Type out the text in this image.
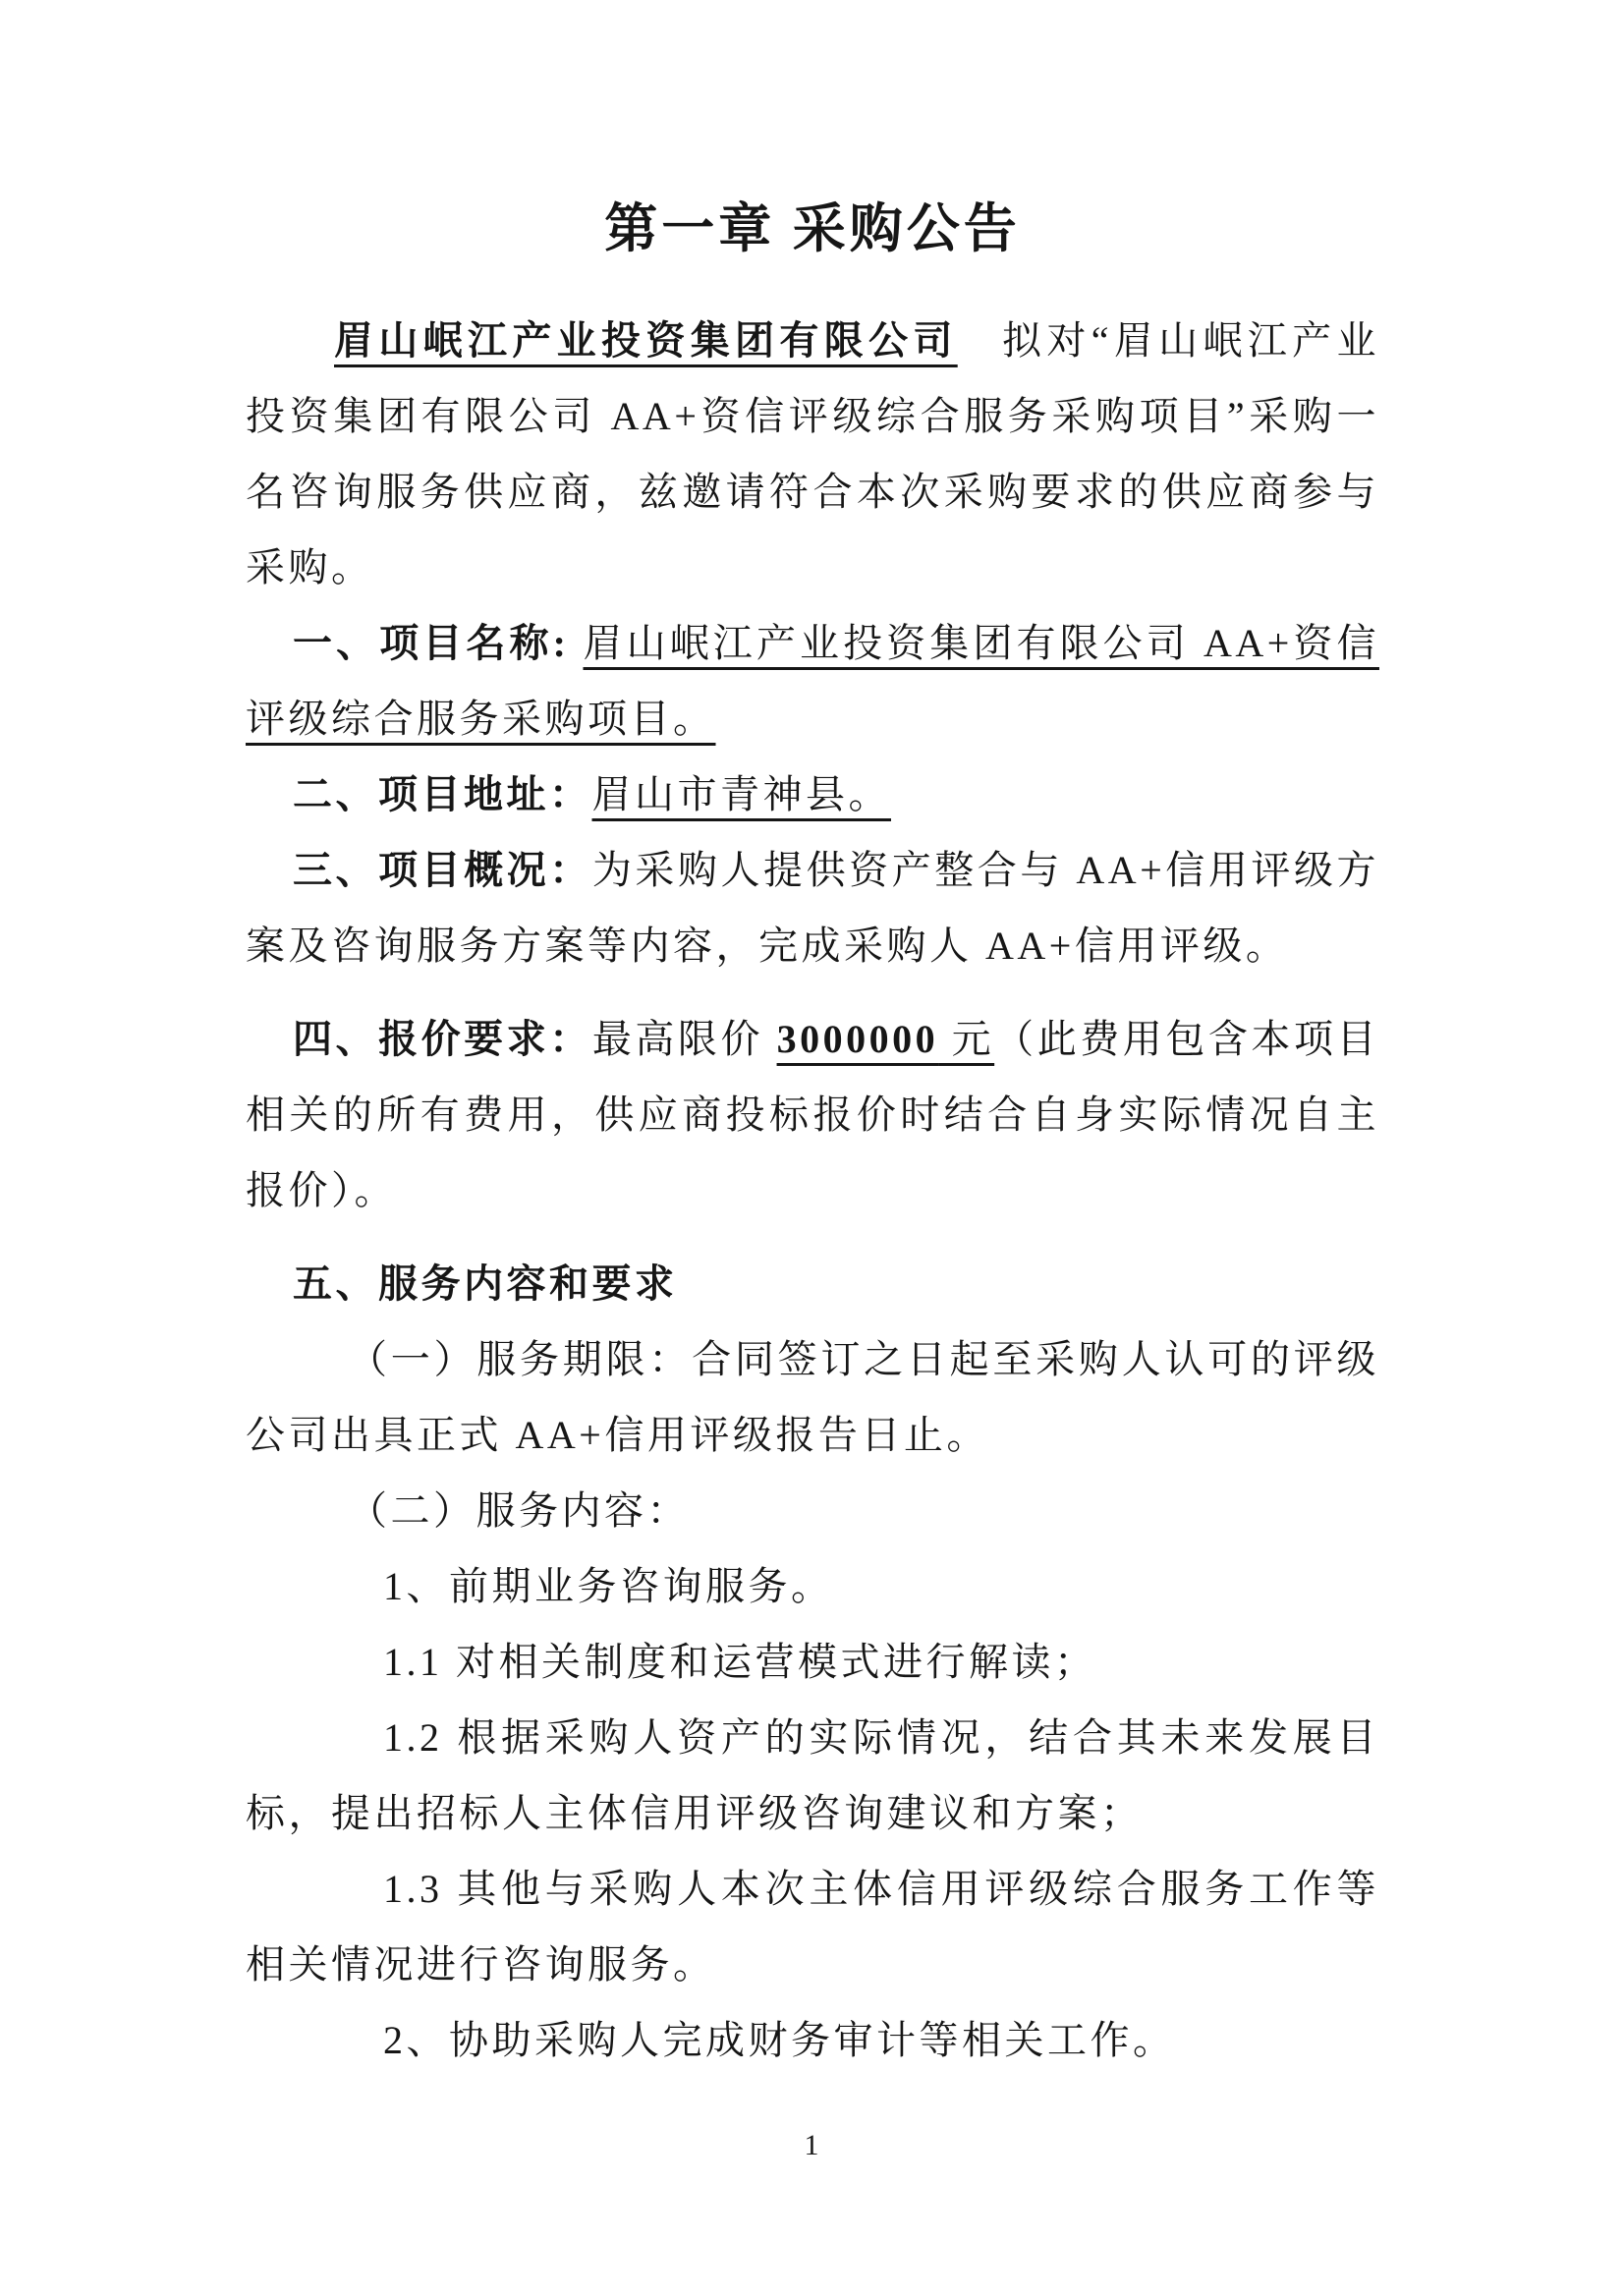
第一章 采购公告

眉山岷江产业投资集团有限公司　拟对“眉山岷江产业投资集团有限公司 AA+资信评级综合服务采购项目”采购一名咨询服务供应商，兹邀请符合本次采购要求的供应商参与采购。

一、项目名称: 眉山岷江产业投资集团有限公司 AA+资信评级综合服务采购项目。

二、项目地址：眉山市青神县。

三、项目概况：为采购人提供资产整合与 AA+信用评级方案及咨询服务方案等内容，完成采购人 AA+信用评级。

四、报价要求：最高限价 3000000 元（此费用包含本项目相关的所有费用，供应商投标报价时结合自身实际情况自主报价）。

五、服务内容和要求

（一）服务期限：合同签订之日起至采购人认可的评级公司出具正式 AA+信用评级报告日止。

（二）服务内容：

1、前期业务咨询服务。

1.1 对相关制度和运营模式进行解读；

1.2 根据采购人资产的实际情况，结合其未来发展目标，提出招标人主体信用评级咨询建议和方案；

1.3 其他与采购人本次主体信用评级综合服务工作等相关情况进行咨询服务。

2、协助采购人完成财务审计等相关工作。

1
